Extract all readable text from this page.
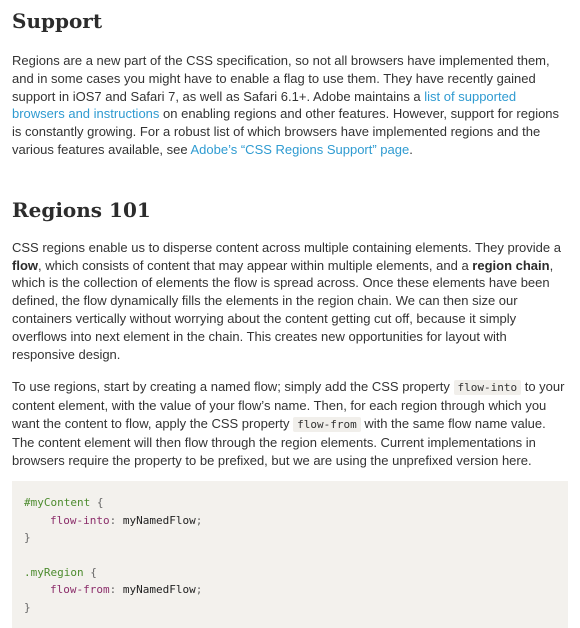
Support

Regions are a new part of the CSS specification, so not all browsers have implemented them, and in some cases you might have to enable a flag to use them. They have recently gained support in iOS7 and Safari 7, as well as Safari 6.1+. Adobe maintains a list of supported browsers and instructions on enabling regions and other features. However, support for regions is constantly growing. For a robust list of which browsers have implemented regions and the various features available, see Adobe’s “CSS Regions Support” page.

Regions 101

CSS regions enable us to disperse content across multiple containing elements. They provide a flow, which consists of content that may appear within multiple elements, and a region chain, which is the collection of elements the flow is spread across. Once these elements have been defined, the flow dynamically fills the elements in the region chain. We can then size our containers vertically without worrying about the content getting cut off, because it simply overflows into next element in the chain. This creates new opportunities for layout with responsive design.

To use regions, start by creating a named flow; simply add the CSS property flow-into to your content element, with the value of your flow’s name. Then, for each region through which you want the content to flow, apply the CSS property flow-from with the same flow name value. The content element will then flow through the region elements. Current implementations in browsers require the property to be prefixed, but we are using the unprefixed version here.

#myContent {
flow-into: myNamedFlow;
}
.myRegion {
flow-from: myNamedFlow;
}
